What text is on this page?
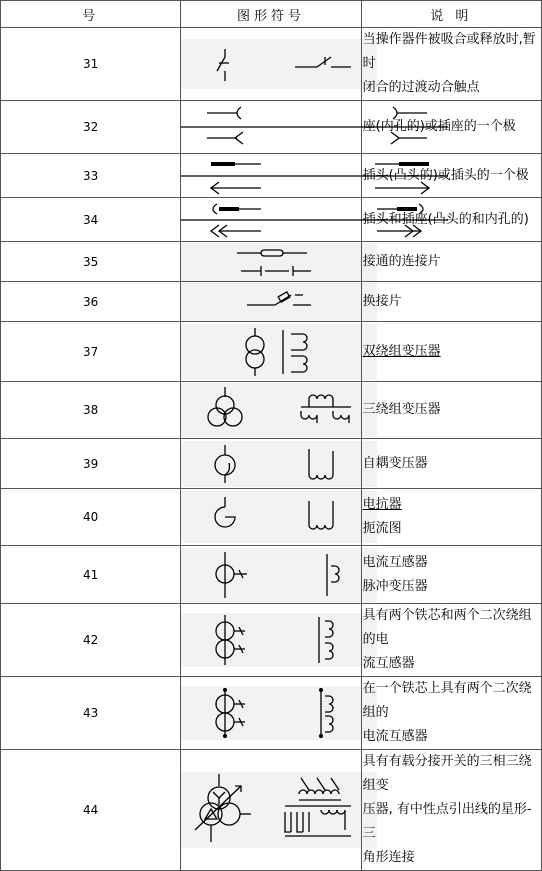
号	图形符号	说 明
31		当操作器件被吸合或释放时,暂时
闭合的过渡动合触点

32		座(内孔的)或插座的一个极

33		插头(凸头的)或插头的一个极

34		插头和插座(凸头的和内孔的)

35		接通的连接片

36		换接片

37		双绕组变压器

38		三绕组变压器

39		自耦变压器

40		电抗器
扼流图

41		电流互感器
脉冲变压器

42		具有两个铁芯和两个二次绕组的电
流互感器

43		在一个铁芯上具有两个二次绕组的
电流互感器

44		具有有载分接开关的三相三绕组变
压器, 有中性点引出线的星形-三
角形连接
